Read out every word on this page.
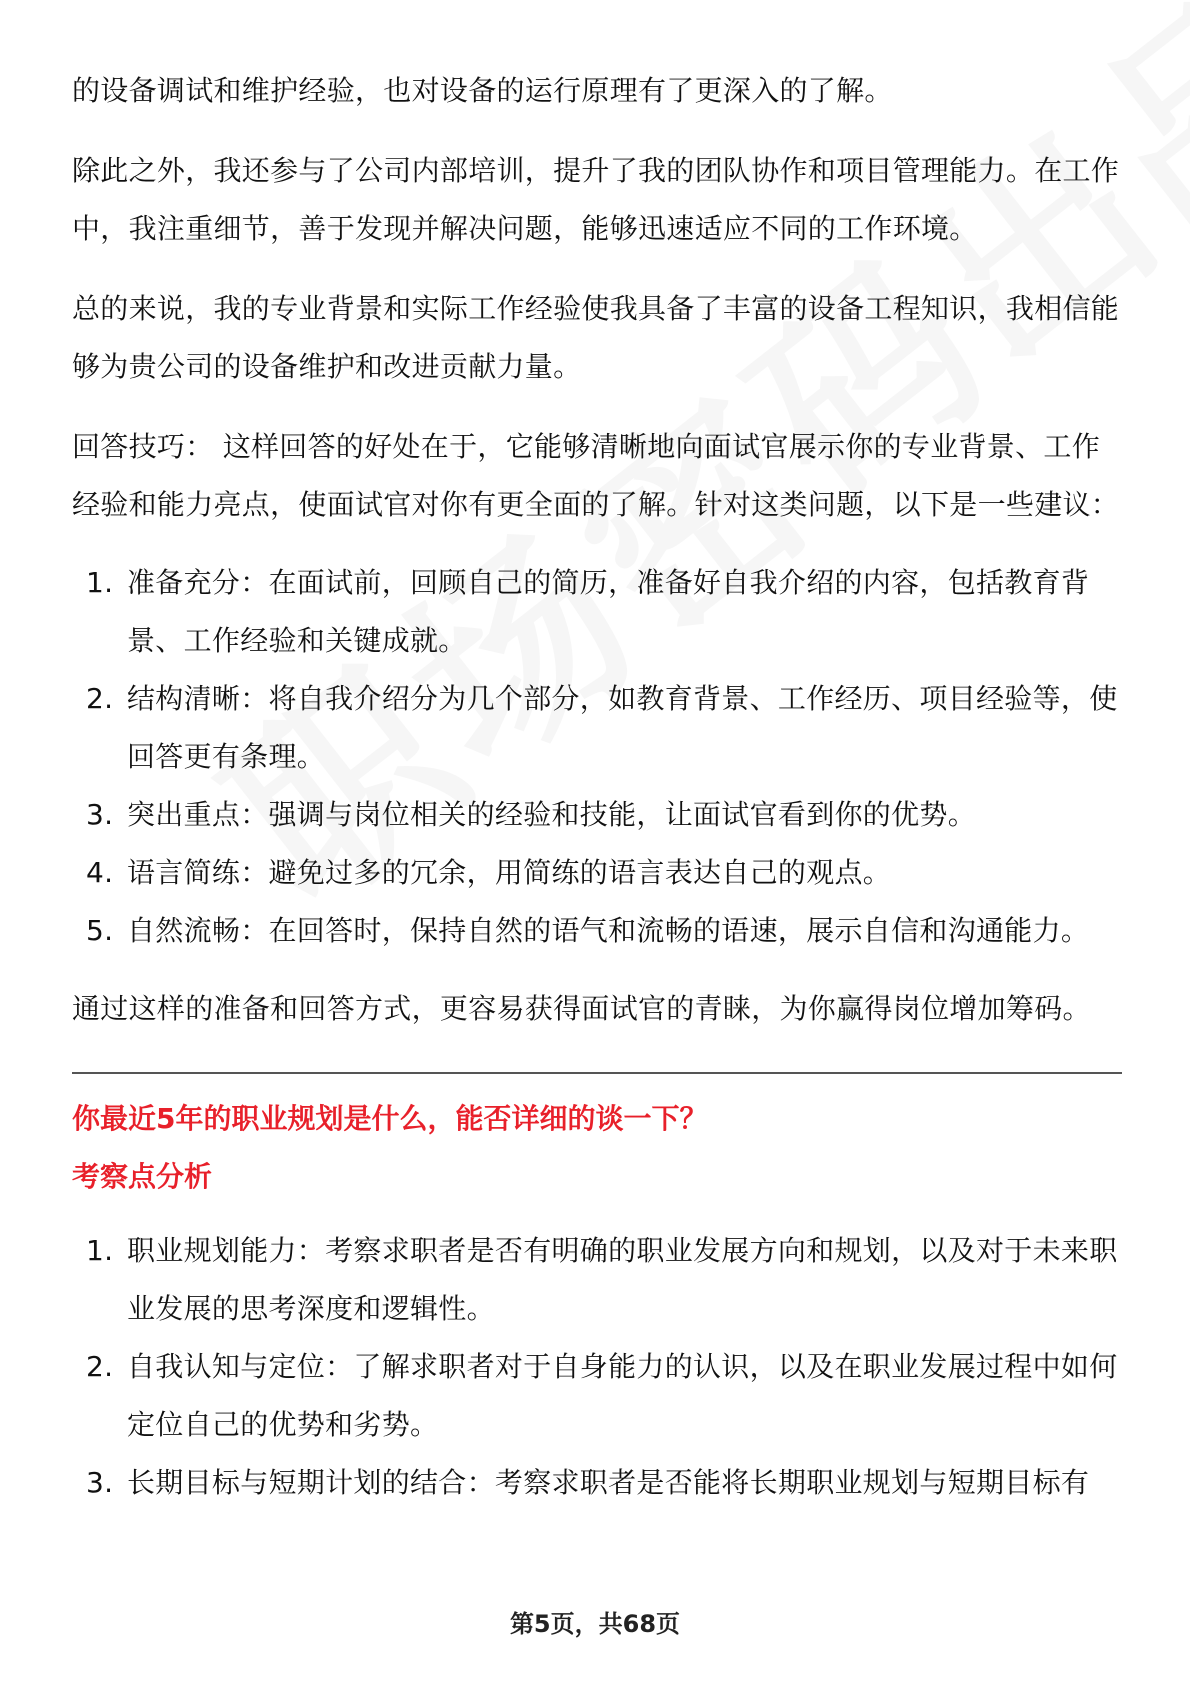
的设备调试和维护经验，也对设备的运行原理有了更深入的了解。

除此之外，我还参与了公司内部培训，提升了我的团队协作和项目管理能力。在工作中，我注重细节，善于发现并解决问题，能够迅速适应不同的工作环境。

总的来说，我的专业背景和实际工作经验使我具备了丰富的设备工程知识，我相信能够为贵公司的设备维护和改进贡献力量。

回答技巧： 这样回答的好处在于，它能够清晰地向面试官展示你的专业背景、工作经验和能力亮点，使面试官对你有更全面的了解。针对这类问题，以下是一些建议：

1. 准备充分：在面试前，回顾自己的简历，准备好自我介绍的内容，包括教育背景、工作经验和关键成就。
2. 结构清晰：将自我介绍分为几个部分，如教育背景、工作经历、项目经验等，使回答更有条理。
3. 突出重点：强调与岗位相关的经验和技能，让面试官看到你的优势。
4. 语言简练：避免过多的冗余，用简练的语言表达自己的观点。
5. 自然流畅：在回答时，保持自然的语气和流畅的语速，展示自信和沟通能力。

通过这样的准备和回答方式，更容易获得面试官的青睐，为你赢得岗位增加筹码。

你最近5年的职业规划是什么，能否详细的谈一下？

考察点分析

1. 职业规划能力：考察求职者是否有明确的职业发展方向和规划，以及对于未来职业发展的思考深度和逻辑性。
2. 自我认知与定位：了解求职者对于自身能力的认识，以及在职业发展过程中如何定位自己的优势和劣势。
3. 长期目标与短期计划的结合：考察求职者是否能将长期职业规划与短期目标有
第5页，共68页
